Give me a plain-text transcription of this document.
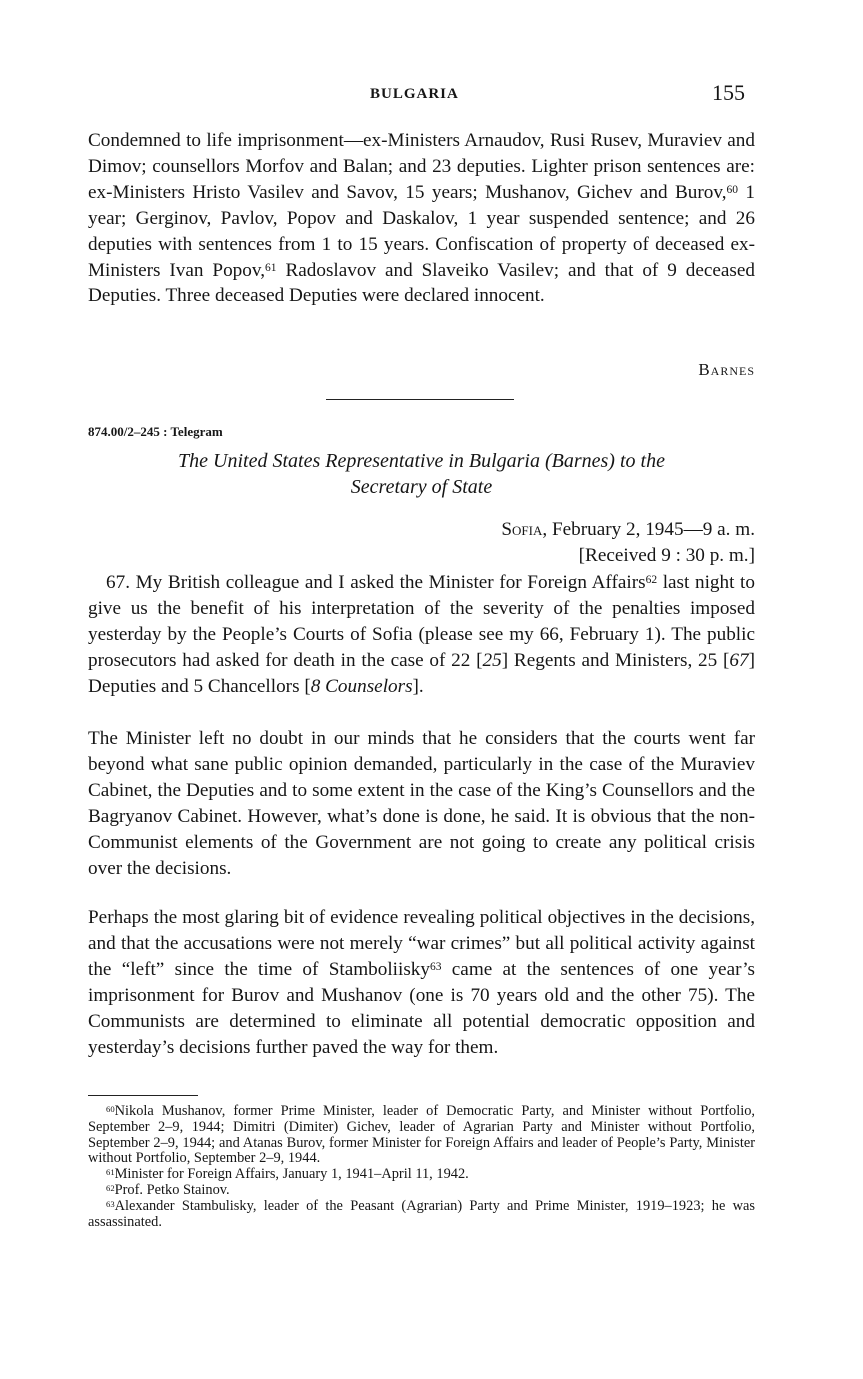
BULGARIA	155
Condemned to life imprisonment—ex-Ministers Arnaudov, Rusi Rusev, Muraviev and Dimov; counsellors Morfov and Balan; and 23 deputies. Lighter prison sentences are: ex-Ministers Hristo Vasilev and Savov, 15 years; Mushanov, Gichev and Burov,$^{60}$ 1 year; Gerginov, Pavlov, Popov and Daskalov, 1 year suspended sentence; and 26 deputies with sentences from 1 to 15 years. Confiscation of property of deceased ex-Ministers Ivan Popov,$^{61}$ Radoslavov and Slaveiko Vasilev; and that of 9 deceased Deputies. Three deceased Deputies were declared innocent.
Barnes
874.00/2–245 : Telegram
The United States Representative in Bulgaria (Barnes) to the
Secretary of State
Sofia, February 2, 1945—9 a. m.
[Received 9 : 30 p. m.]
67. My British colleague and I asked the Minister for Foreign Affairs$^{62}$ last night to give us the benefit of his interpretation of the severity of the penalties imposed yesterday by the People’s Courts of Sofia (please see my 66, February 1). The public prosecutors had asked for death in the case of 22 [25] Regents and Ministers, 25 [67] Deputies and 5 Chancellors [8 Counselors].
The Minister left no doubt in our minds that he considers that the courts went far beyond what sane public opinion demanded, particularly in the case of the Muraviev Cabinet, the Deputies and to some extent in the case of the King’s Counsellors and the Bagryanov Cabinet. However, what’s done is done, he said. It is obvious that the non-Communist elements of the Government are not going to create any political crisis over the decisions.
Perhaps the most glaring bit of evidence revealing political objectives in the decisions, and that the accusations were not merely “war crimes” but all political activity against the “left” since the time of Stamboliisky$^{63}$ came at the sentences of one year’s imprisonment for Burov and Mushanov (one is 70 years old and the other 75). The Communists are determined to eliminate all potential democratic opposition and yesterday’s decisions further paved the way for them.

$^{60}$Nikola Mushanov, former Prime Minister, leader of Democratic Party, and Minister without Portfolio, September 2–9, 1944; Dimitri (Dimiter) Gichev, leader of Agrarian Party and Minister without Portfolio, September 2–9, 1944; and Atanas Burov, former Minister for Foreign Affairs and leader of People’s Party, Minister without Portfolio, September 2–9, 1944.

$^{61}$Minister for Foreign Affairs, January 1, 1941–April 11, 1942.

$^{62}$Prof. Petko Stainov.

$^{63}$Alexander Stambulisky, leader of the Peasant (Agrarian) Party and Prime Minister, 1919–1923; he was assassinated.
